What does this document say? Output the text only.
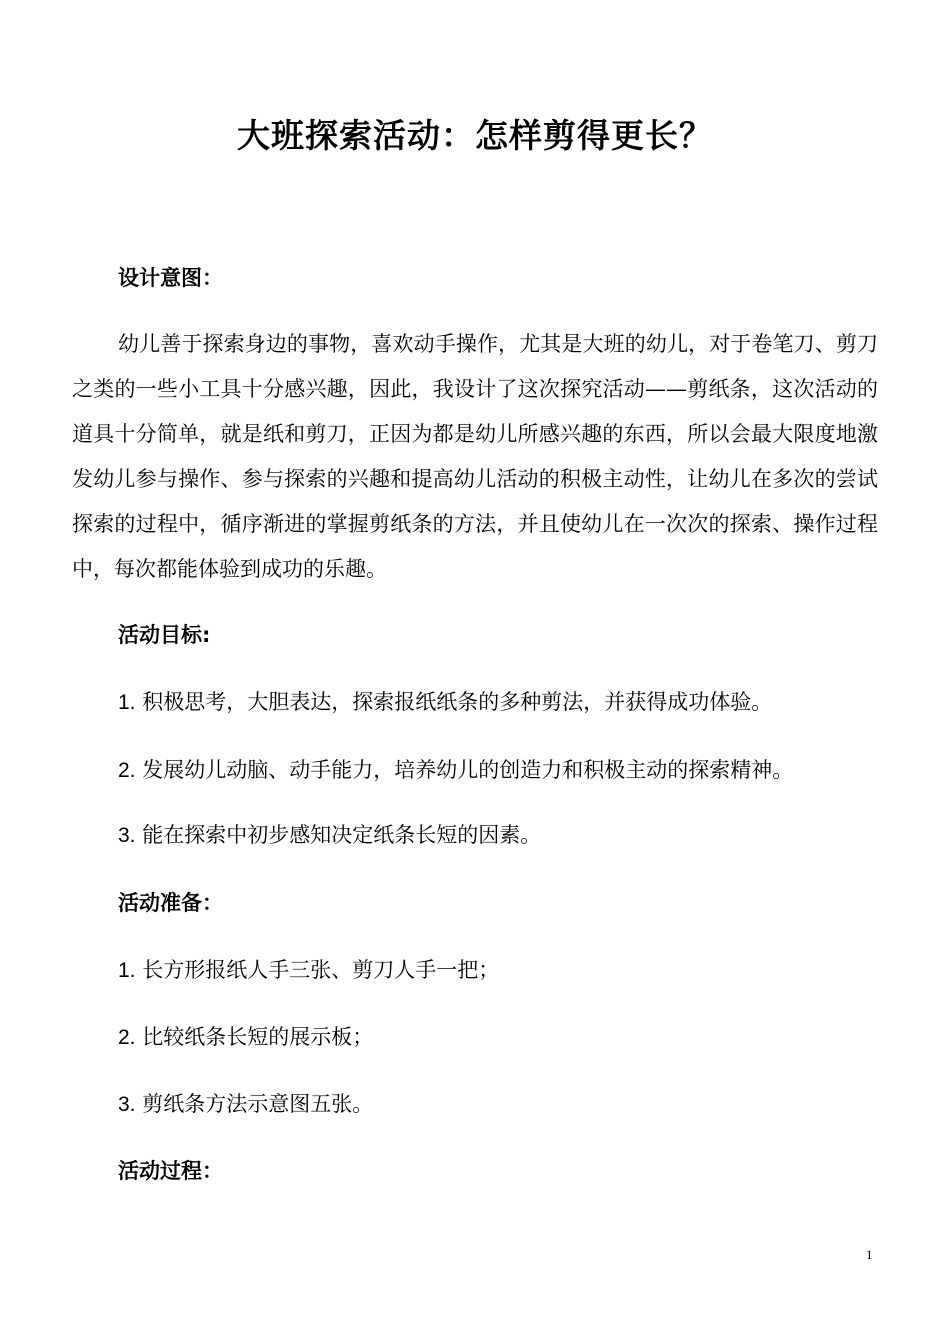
大班探索活动：怎样剪得更长？
设计意图：
幼儿善于探索身边的事物，喜欢动手操作，尤其是大班的幼儿，对于卷笔刀、剪刀之类的一些小工具十分感兴趣，因此，我设计了这次探究活动——剪纸条，这次活动的道具十分简单，就是纸和剪刀，正因为都是幼儿所感兴趣的东西，所以会最大限度地激发幼儿参与操作、参与探索的兴趣和提高幼儿活动的积极主动性，让幼儿在多次的尝试探索的过程中，循序渐进的掌握剪纸条的方法，并且使幼儿在一次次的探索、操作过程中，每次都能体验到成功的乐趣。
活动目标:
1. 积极思考，大胆表达，探索报纸纸条的多种剪法，并获得成功体验。
2. 发展幼儿动脑、动手能力，培养幼儿的创造力和积极主动的探索精神。
3. 能在探索中初步感知决定纸条长短的因素。
活动准备：
1. 长方形报纸人手三张、剪刀人手一把；
2. 比较纸条长短的展示板；
3. 剪纸条方法示意图五张。
活动过程：
1
